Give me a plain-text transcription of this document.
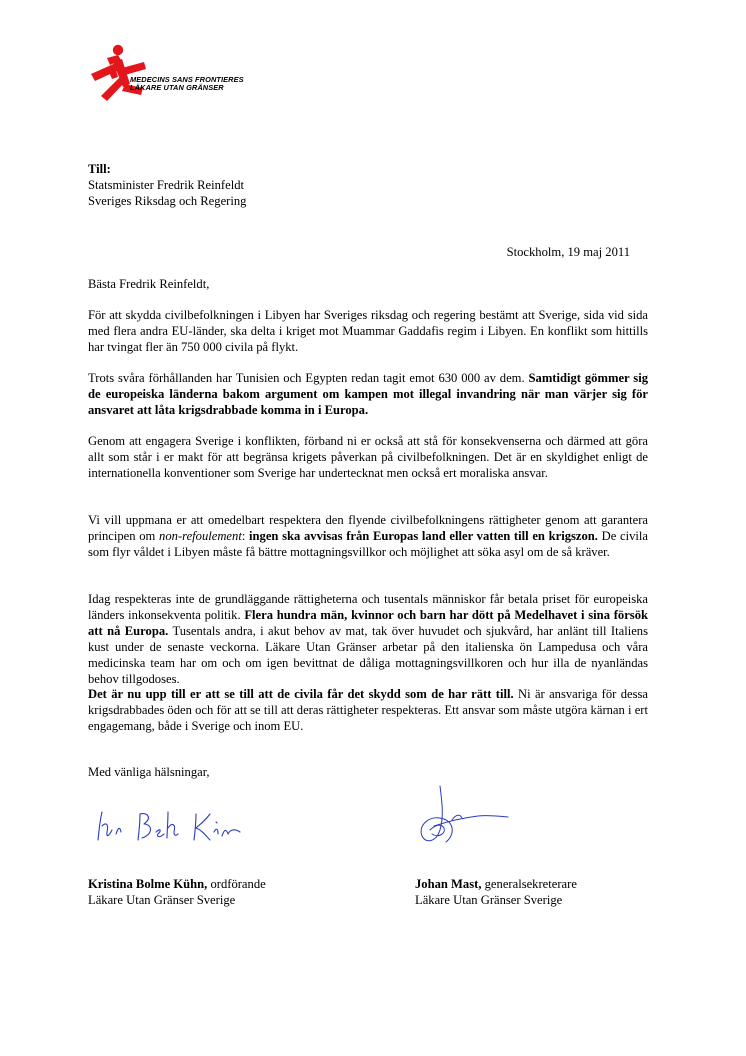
MEDECINS SANS FRONTIERES
LÄKARE UTAN GRÄNSER
Till:
Statsminister Fredrik Reinfeldt
Sveriges Riksdag och Regering
Stockholm, 19 maj 2011
Bästa Fredrik Reinfeldt,

För att skydda civilbefolkningen i Libyen har Sveriges riksdag och regering bestämt att Sverige, sida vid sida med flera andra EU-länder, ska delta i kriget mot Muammar Gaddafis regim i Libyen. En konflikt som hittills har tvingat fler än 750 000 civila på flykt.

Trots svåra förhållanden har Tunisien och Egypten redan tagit emot 630 000 av dem. Samtidigt gömmer sig de europeiska länderna bakom argument om kampen mot illegal invandring när man värjer sig för ansvaret att låta krigsdrabbade komma in i Europa.

Genom att engagera Sverige i konflikten, förband ni er också att stå för konsekvenserna och därmed att göra allt som står i er makt för att begränsa krigets påverkan på civilbefolkningen. Det är en skyldighet enligt de internationella konventioner som Sverige har undertecknat men också ert moraliska ansvar.

Vi vill uppmana er att omedelbart respektera den flyende civilbefolkningens rättigheter genom att garantera principen om non-refoulement: ingen ska avvisas från Europas land eller vatten till en krigszon. De civila som flyr våldet i Libyen måste få bättre mottagningsvillkor och möjlighet att söka asyl om de så kräver.

Idag respekteras inte de grundläggande rättigheterna och tusentals människor får betala priset för europeiska länders inkonsekventa politik. Flera hundra män, kvinnor och barn har dött på Medelhavet i sina försök att nå Europa. Tusentals andra, i akut behov av mat, tak över huvudet och sjukvård, har anlänt till Italiens kust under de senaste veckorna. Läkare Utan Gränser arbetar på den italienska ön Lampedusa och våra medicinska team har om och om igen bevittnat de dåliga mottagningsvillkoren och hur illa de nyanländas behov tillgodoses.

Det är nu upp till er att se till att de civila får det skydd som de har rätt till. Ni är ansvariga för dessa krigsdrabbades öden och för att se till att deras rättigheter respekteras. Ett ansvar som måste utgöra kärnan i ert engagemang, både i Sverige och inom EU.

Med vänliga hälsningar,
Kristina Bolme Kühn, ordförande
Läkare Utan Gränser Sverige
Johan Mast, generalsekreterare
Läkare Utan Gränser Sverige
